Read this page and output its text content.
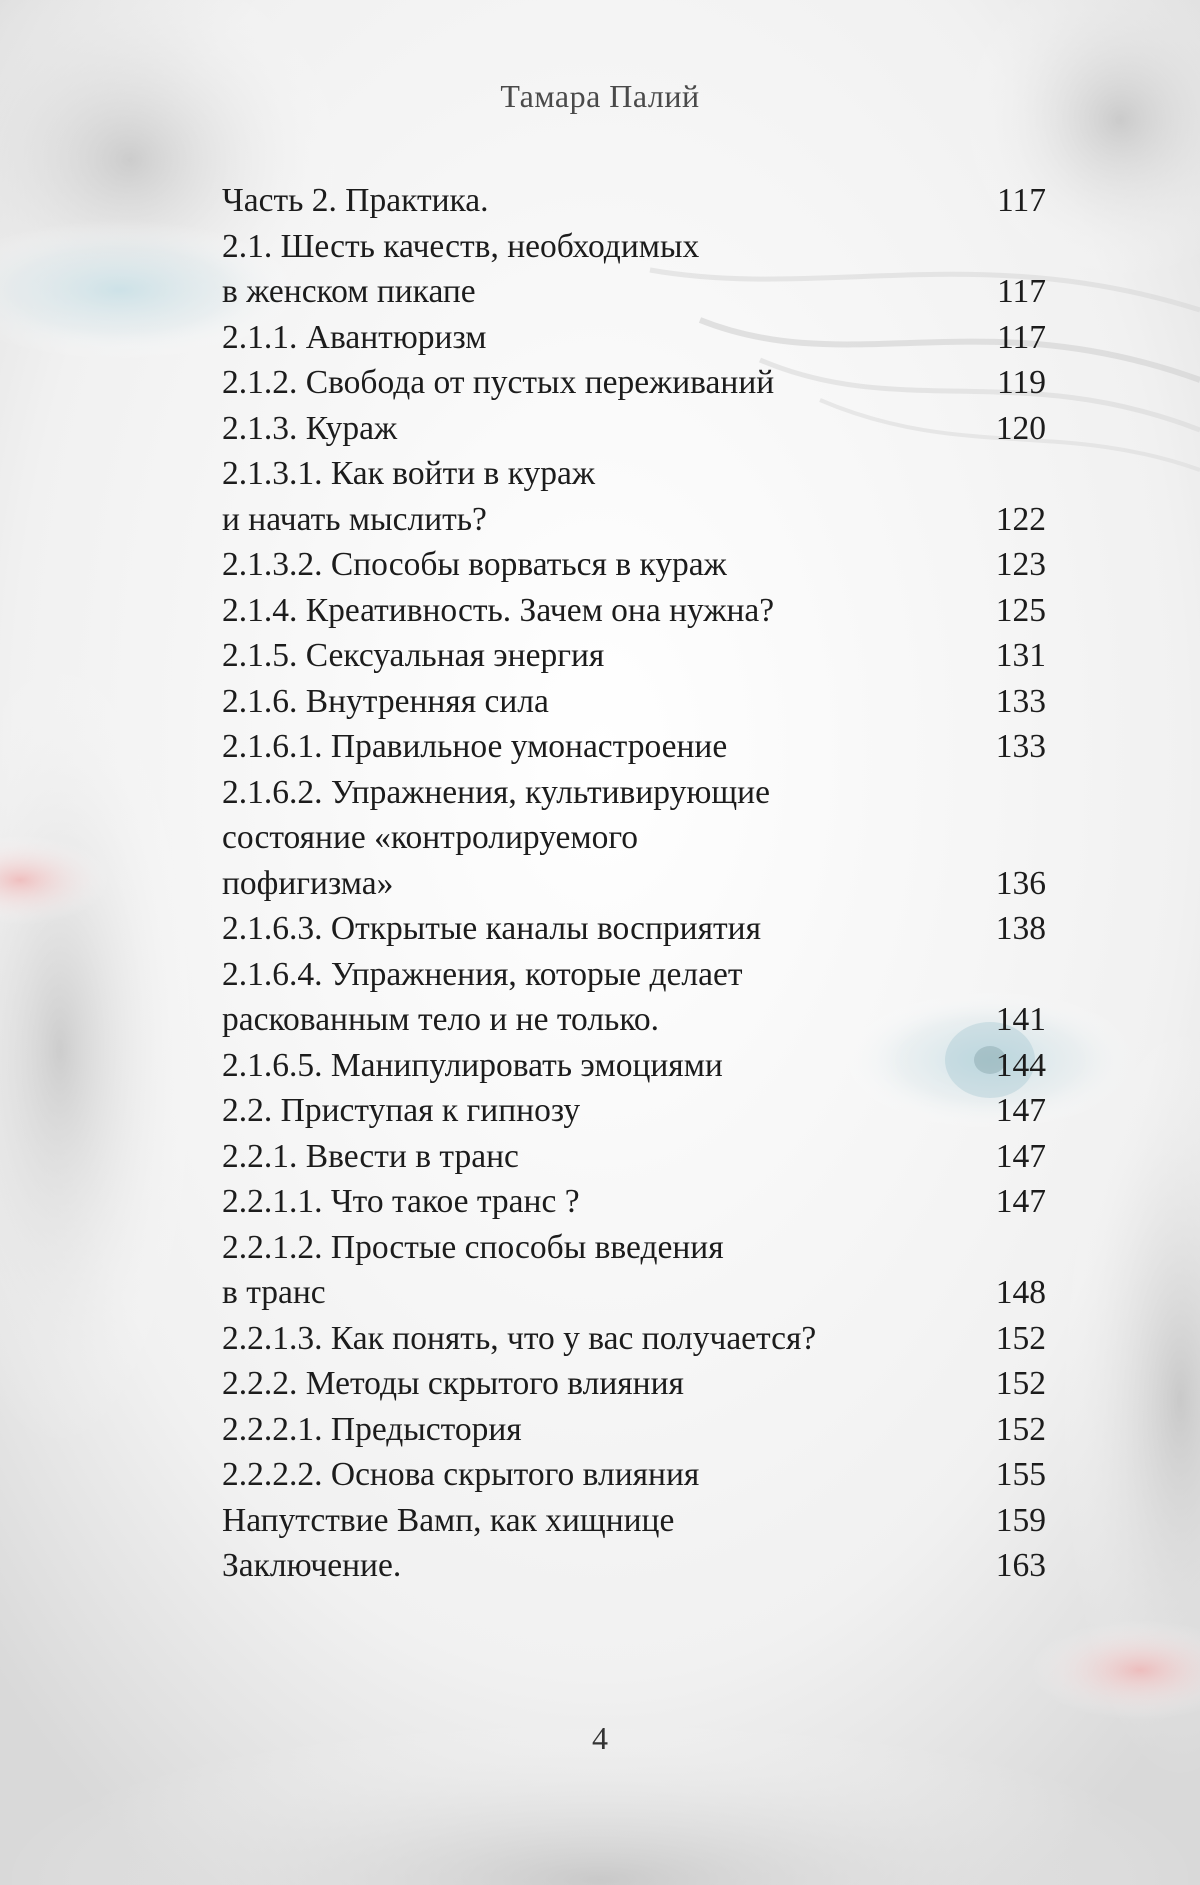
Тамара Палий
Часть 2. Практика.	117
2.1. Шесть качеств, необходимых
в женском пикапе	117
2.1.1. Авантюризм	117
2.1.2. Свобода от пустых переживаний	119
2.1.3. Кураж	120
2.1.3.1. Как войти в кураж
и начать мыслить?	122
2.1.3.2. Способы ворваться в кураж	123
2.1.4. Креативность. Зачем она нужна?	125
2.1.5. Сексуальная энергия	131
2.1.6. Внутренняя сила	133
2.1.6.1. Правильное умонастроение	133
2.1.6.2. Упражнения, культивирующие
состояние «контролируемого
пофигизма»	136
2.1.6.3. Открытые каналы восприятия	138
2.1.6.4. Упражнения, которые делает
раскованным тело и не только.	141
2.1.6.5. Манипулировать эмоциями	144
2.2. Приступая к гипнозу	147
2.2.1. Ввести в транс	147
2.2.1.1. Что такое транс ?	147
2.2.1.2. Простые способы введения
в транс	148
2.2.1.3. Как понять, что у вас получается?	152
2.2.2. Методы скрытого влияния	152
2.2.2.1. Предыстория	152
2.2.2.2. Основа скрытого влияния	155
Напутствие Вамп, как хищнице	159
Заключение.	163
4
